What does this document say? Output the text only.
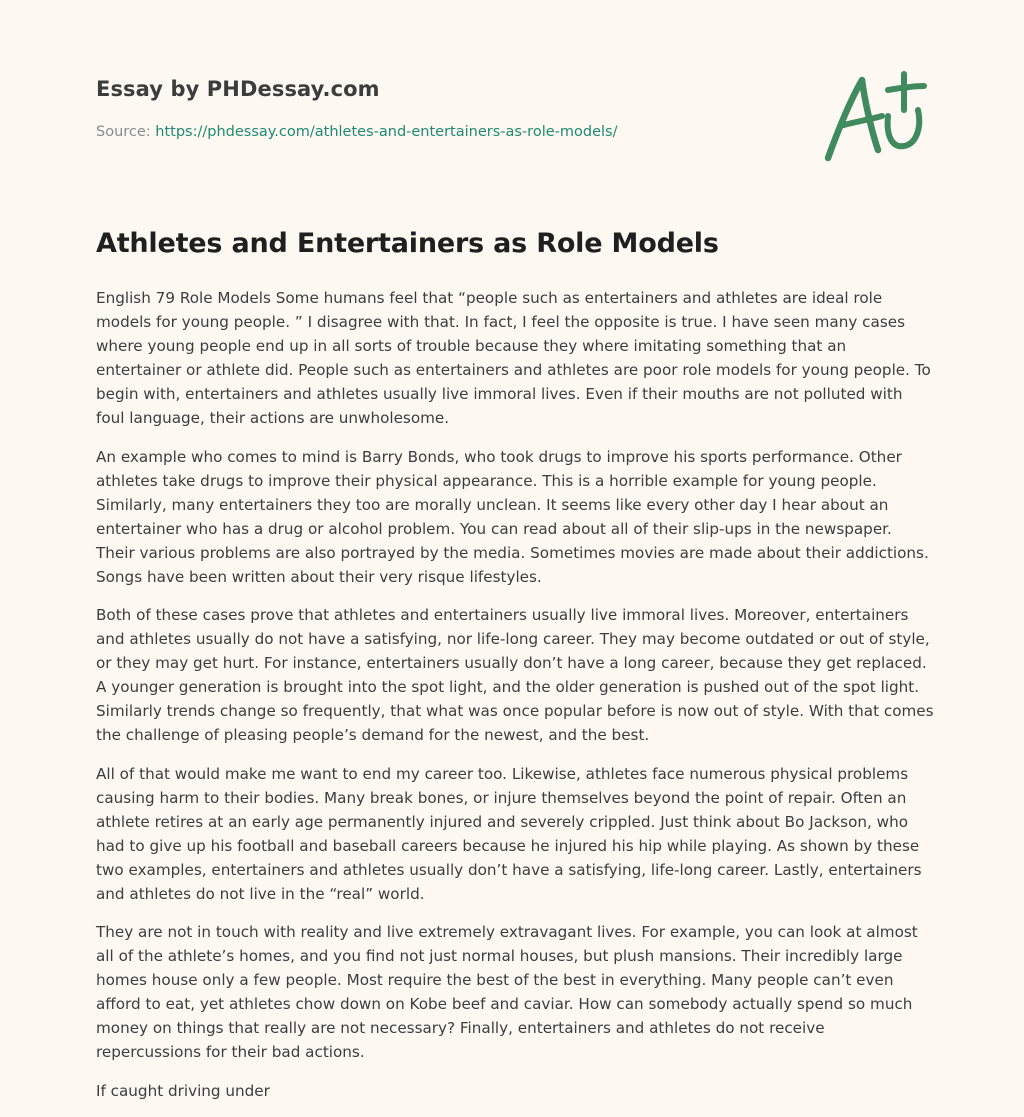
Essay by PHDessay.com
Source: https://phdessay.com/athletes-and-entertainers-as-role-models/
Athletes and Entertainers as Role Models

English 79 Role Models Some humans feel that “people such as entertainers and athletes are ideal role models for young people. ” I disagree with that. In fact, I feel the opposite is true. I have seen many cases where young people end up in all sorts of trouble because they where imitating something that an entertainer or athlete did. People such as entertainers and athletes are poor role models for young people. To begin with, entertainers and athletes usually live immoral lives. Even if their mouths are not polluted with foul language, their actions are unwholesome.

An example who comes to mind is Barry Bonds, who took drugs to improve his sports performance. Other athletes take drugs to improve their physical appearance. This is a horrible example for young people. Similarly, many entertainers they too are morally unclean. It seems like every other day I hear about an entertainer who has a drug or alcohol problem. You can read about all of their slip-ups in the newspaper. Their various problems are also portrayed by the media. Sometimes movies are made about their addictions. Songs have been written about their very risque lifestyles.

Both of these cases prove that athletes and entertainers usually live immoral lives. Moreover, entertainers and athletes usually do not have a satisfying, nor life-long career. They may become outdated or out of style, or they may get hurt. For instance, entertainers usually don’t have a long career, because they get replaced. A younger generation is brought into the spot light, and the older generation is pushed out of the spot light. Similarly trends change so frequently, that what was once popular before is now out of style. With that comes the challenge of pleasing people’s demand for the newest, and the best.

All of that would make me want to end my career too. Likewise, athletes face numerous physical problems causing harm to their bodies. Many break bones, or injure themselves beyond the point of repair. Often an athlete retires at an early age permanently injured and severely crippled. Just think about Bo Jackson, who had to give up his football and baseball careers because he injured his hip while playing. As shown by these two examples, entertainers and athletes usually don’t have a satisfying, life-long career. Lastly, entertainers and athletes do not live in the “real” world.

They are not in touch with reality and live extremely extravagant lives. For example, you can look at almost all of the athlete’s homes, and you find not just normal houses, but plush mansions. Their incredibly large homes house only a few people. Most require the best of the best in everything. Many people can’t even afford to eat, yet athletes chow down on Kobe beef and caviar. How can somebody actually spend so much money on things that really are not necessary? Finally, entertainers and athletes do not receive repercussions for their bad actions.

If caught driving under
